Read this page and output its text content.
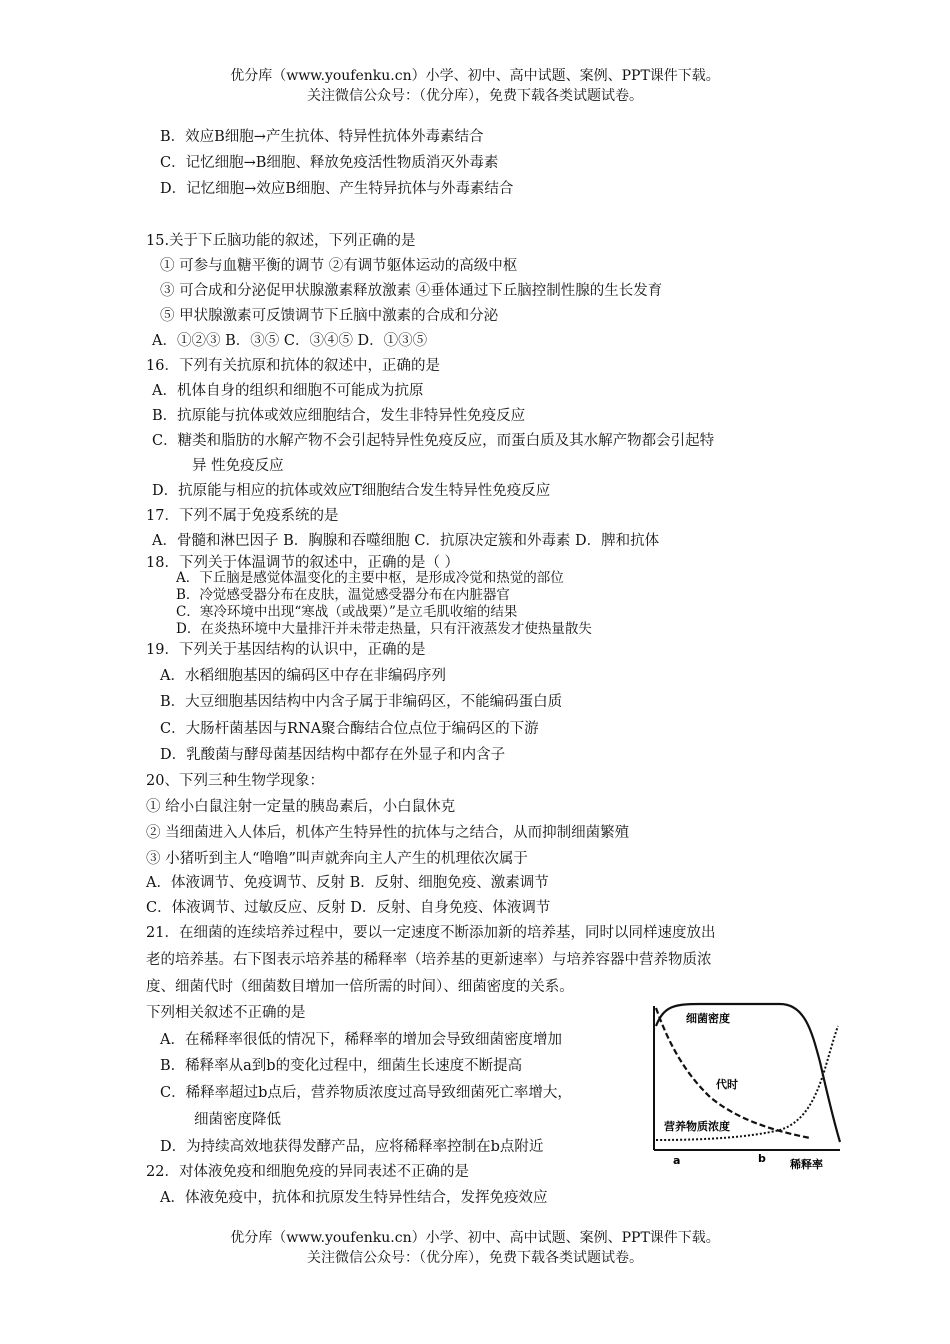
优分库（www.youfenku.cn）小学、初中、高中试题、案例、PPT课件下载。
关注微信公众号：（优分库），免费下载各类试题试卷。
B．效应B细胞→产生抗体、特异性抗体外毒素结合
C．记忆细胞→B细胞、释放免疫活性物质消灭外毒素
D．记忆细胞→效应B细胞、产生特异抗体与外毒素结合
15.关于下丘脑功能的叙述，下列正确的是
① 可参与血糖平衡的调节 ②有调节躯体运动的高级中枢
③ 可合成和分泌促甲状腺激素释放激素 ④垂体通过下丘脑控制性腺的生长发育
⑤ 甲状腺激素可反馈调节下丘脑中激素的合成和分泌
A．①②③ B．③⑤ C．③④⑤ D．①③⑤
16．下列有关抗原和抗体的叙述中，正确的是
A．机体自身的组织和细胞不可能成为抗原
B．抗原能与抗体或效应细胞结合，发生非特异性免疫反应
C．糖类和脂肪的水解产物不会引起特异性免疫反应，而蛋白质及其水解产物都会引起特
异 性免疫反应
D．抗原能与相应的抗体或效应T细胞结合发生特异性免疫反应
17．下列不属于免疫系统的是
A．骨髓和淋巴因子 B．胸腺和吞噬细胞 C．抗原决定簇和外毒素 D．脾和抗体
18．下列关于体温调节的叙述中，正确的是（ ）
A．下丘脑是感觉体温变化的主要中枢，是形成冷觉和热觉的部位
B．冷觉感受器分布在皮肤，温觉感受器分布在内脏器官
C．寒冷环境中出现“寒战（或战栗）”是立毛肌收缩的结果
D．在炎热环境中大量排汗并未带走热量，只有汗液蒸发才使热量散失
19．下列关于基因结构的认识中，正确的是
A．水稻细胞基因的编码区中存在非编码序列
B．大豆细胞基因结构中内含子属于非编码区，不能编码蛋白质
C．大肠杆菌基因与RNA聚合酶结合位点位于编码区的下游
D．乳酸菌与酵母菌基因结构中都存在外显子和内含子
20、下列三种生物学现象：
① 给小白鼠注射一定量的胰岛素后，小白鼠休克
② 当细菌进入人体后，机体产生特异性的抗体与之结合，从而抑制细菌繁殖
③ 小猪听到主人“噜噜”叫声就奔向主人产生的机理依次属于
A．体液调节、免疫调节、反射 B．反射、细胞免疫、激素调节
C．体液调节、过敏反应、反射 D．反射、自身免疫、体液调节
21．在细菌的连续培养过程中，要以一定速度不断添加新的培养基，同时以同样速度放出
老的培养基。右下图表示培养基的稀释率（培养基的更新速率）与培养容器中营养物质浓
度、细菌代时（细菌数目增加一倍所需的时间）、细菌密度的关系。
下列相关叙述不正确的是
A．在稀释率很低的情况下，稀释率的增加会导致细菌密度增加
B．稀释率从a到b的变化过程中，细菌生长速度不断提高
C．稀释率超过b点后，营养物质浓度过高导致细菌死亡率增大，
细菌密度降低
D．为持续高效地获得发酵产品，应将稀释率控制在b点附近
细菌密度
代时
营养物质浓度
a	b 稀释率
22．对体液免疫和细胞免疫的异同表述不正确的是
A．体液免疫中，抗体和抗原发生特异性结合，发挥免疫效应
优分库（www.youfenku.cn）小学、初中、高中试题、案例、PPT课件下载。
关注微信公众号：（优分库），免费下载各类试题试卷。
